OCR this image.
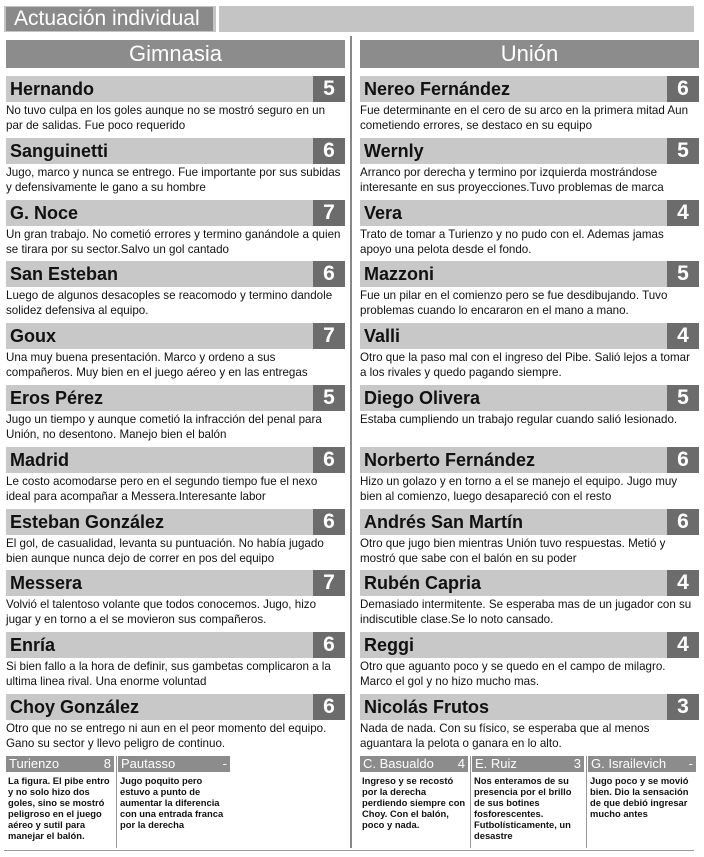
Actuación individual
Gimnasia
Hernando	5
No tuvo culpa en los goles aunque no se mostró seguro en un par de salidas. Fue poco requerido
Sanguinetti	6
Jugo, marco y nunca se entrego. Fue importante por sus subidas y defensivamente le gano a su hombre
G. Noce	7
Un gran trabajo. No cometió errores y termino ganándole a quien se tirara por su sector.Salvo un gol cantado
San Esteban	6
Luego de algunos desacoples se reacomodo y termino dandole solidez defensiva al equipo.
Goux	7
Una muy buena presentación. Marco y ordeno a sus compañeros. Muy bien en el juego aéreo y en las entregas
Eros Pérez	5
Jugo un tiempo y aunque cometió la infracción del penal para Unión, no desentono. Manejo bien el balón
Madrid	6
Le costo acomodarse pero en el segundo tiempo fue el nexo ideal para acompañar a Messera.Interesante labor
Esteban González	6
El gol, de casualidad, levanta su puntuación. No había jugado bien aunque nunca dejo de correr en pos del equipo
Messera	7
Volvió el talentoso volante que todos conocemos. Jugo, hizo jugar y en torno a el se movieron sus compañeros.
Enría	6
Si bien fallo a la hora de definir, sus gambetas complicaron a la ultima linea rival. Una enorme voluntad
Choy González	6
Otro que no se entrego ni aun en el peor momento del equipo. Gano su sector y llevo peligro de continuo.
Unión
Nereo Fernández	6
Fue determinante en el cero de su arco en la primera mitad Aun cometiendo errores, se destaco en su equipo
Wernly	5
Arranco por derecha y termino por izquierda mostrándose interesante en sus proyecciones.Tuvo problemas de marca
Vera	4
Trato de tomar a Turienzo y no pudo con el. Ademas jamas apoyo una pelota desde el fondo.
Mazzoni	5
Fue un pilar en el comienzo pero se fue desdibujando. Tuvo problemas cuando lo encararon en el mano a mano.
Valli	4
Otro que la paso mal con el ingreso del Pibe. Salió lejos a tomar a los rivales y quedo pagando siempre.
Diego Olivera	5
Estaba cumpliendo un trabajo regular cuando salió lesionado.
Norberto Fernández	6
Hizo un golazo y en torno a el se manejo el equipo. Jugo muy bien al comienzo, luego desapareció con el resto
Andrés San Martín	6
Otro que jugo bien mientras Unión tuvo respuestas. Metió y mostró que sabe con el balón en su poder
Rubén Capria	4
Demasiado intermitente. Se esperaba mas de un jugador con su indiscutible clase.Se lo noto cansado.
Reggi	4
Otro que aguanto poco y se quedo en el campo de milagro. Marco el gol y no hizo mucho mas.
Nicolás Frutos	3
Nada de nada. Con su físico, se esperaba que al menos aguantara la pelota o ganara en lo alto.
Turienzo	8
La figura. El pibe entro y no solo hizo dos goles, sino se mostró peligroso en el juego aéreo y sutil para manejar el balón.
Pautasso	-
Jugo poquito pero estuvo a punto de aumentar la diferencia con una entrada franca por la derecha
C. Basualdo 4
Ingreso y se recostó por la derecha perdiendo siempre con Choy. Con el balón, poco y nada.
E. Ruiz	3
Nos enteramos de su presencia por el brillo de sus botines fosforescentes. Futbolísticamente, un desastre
G. Israilevich -
Jugo poco y se movió bien. Dio la sensación de que debió ingresar mucho antes
